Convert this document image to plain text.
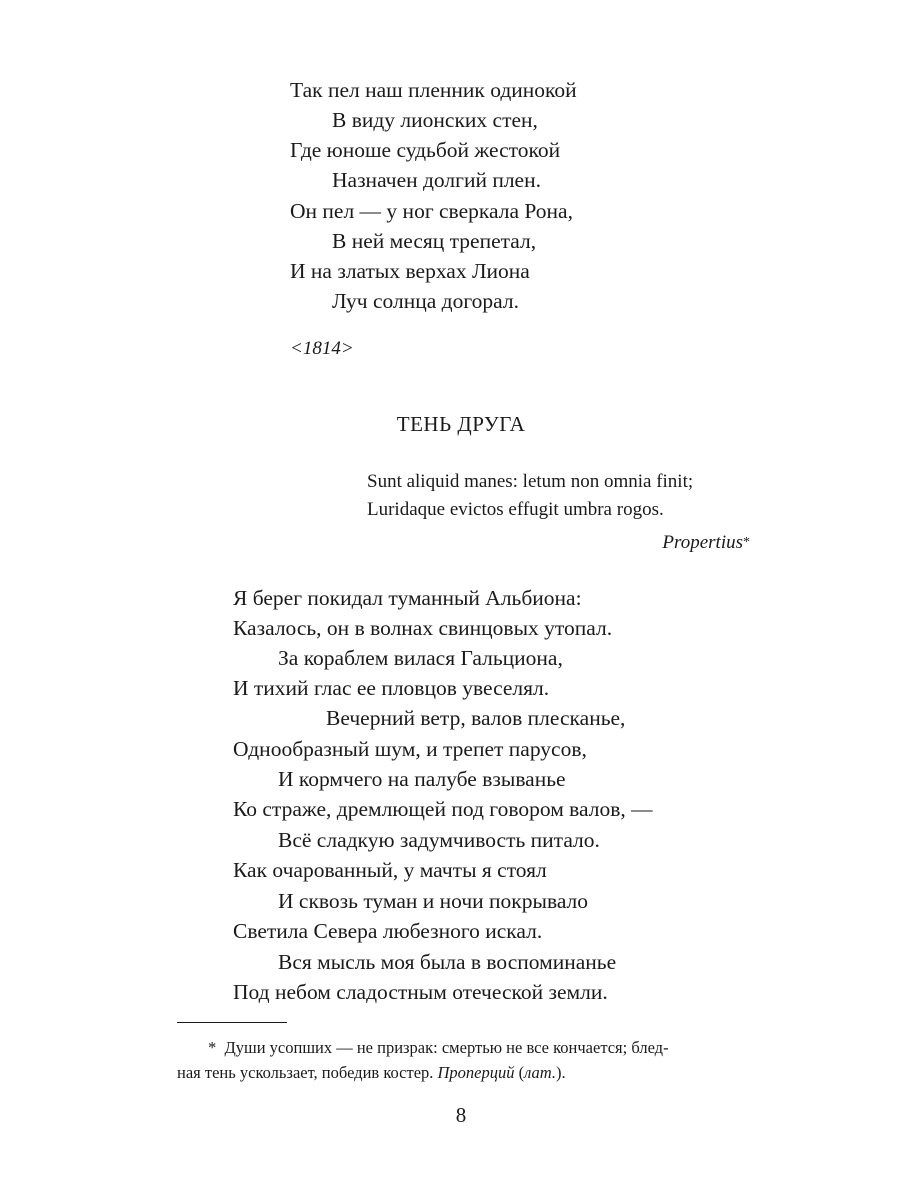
Так пел наш пленник одинокой
В виду лионских стен,
Где юноше судьбой жестокой
Назначен долгий плен.
Он пел — у ног сверкала Рона,
В ней месяц трепетал,
И на златых верхах Лиона
Луч солнца догорал.
<1814>
ТЕНЬ ДРУГА
Sunt aliquid manes: letum non omnia finit;
Luridaque evictos effugit umbra rogos.
Propertius*
Я берег покидал туманный Альбиона:
Казалось, он в волнах свинцовых утопал.
За кораблем вилася Гальциона,
И тихий глас ее пловцов увеселял.
Вечерний ветр, валов плесканье,
Однообразный шум, и трепет парусов,
И кормчего на палубе взыванье
Ко страже, дремлющей под говором валов, —
Всё сладкую задумчивость питало.
Как очарованный, у мачты я стоял
И сквозь туман и ночи покрывало
Светила Севера любезного искал.
Вся мысль моя была в воспоминанье
Под небом сладостным отеческой земли.
* Души усопших — не призрак: смертью не все кончается; блед-
ная тень ускользает, победив костер. Проперций (лат.).
8
